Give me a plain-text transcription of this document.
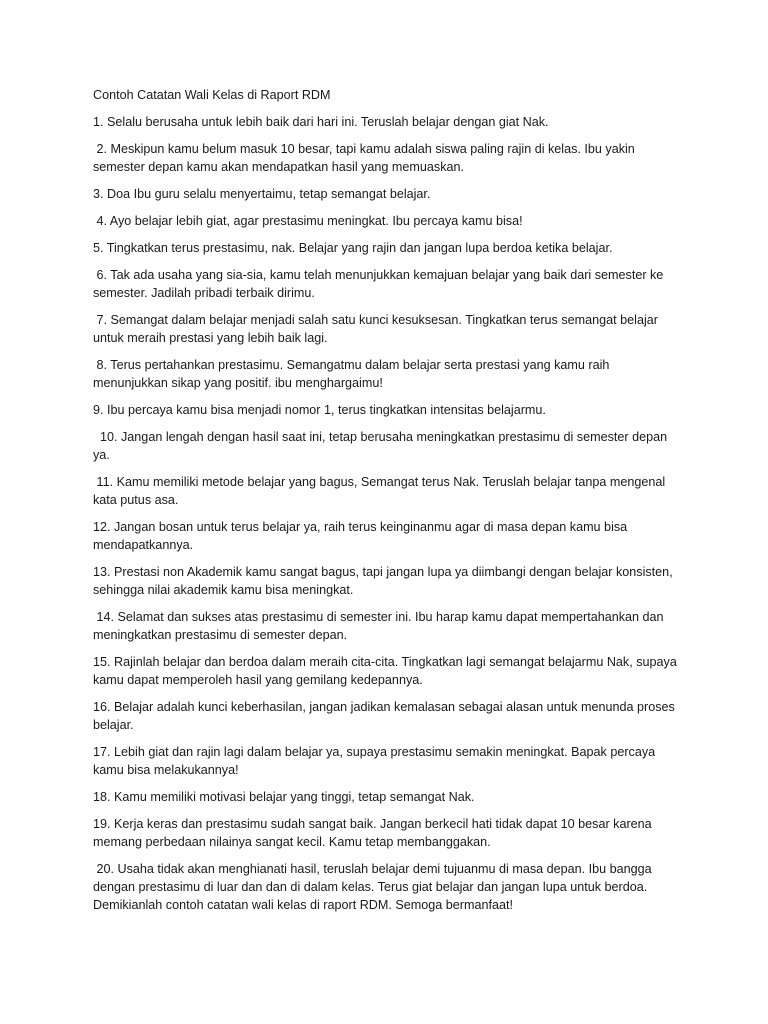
Contoh Catatan Wali Kelas di Raport RDM

1. Selalu berusaha untuk lebih baik dari hari ini. Teruslah belajar dengan giat Nak.

2. Meskipun kamu belum masuk 10 besar, tapi kamu adalah siswa paling rajin di kelas. Ibu yakin semester depan kamu akan mendapatkan hasil yang memuaskan.

3. Doa Ibu guru selalu menyertaimu, tetap semangat belajar.

4. Ayo belajar lebih giat, agar prestasimu meningkat. Ibu percaya kamu bisa!

5. Tingkatkan terus prestasimu, nak. Belajar yang rajin dan jangan lupa berdoa ketika belajar.

6. Tak ada usaha yang sia-sia, kamu telah menunjukkan kemajuan belajar yang baik dari semester ke semester. Jadilah pribadi terbaik dirimu.

7. Semangat dalam belajar menjadi salah satu kunci kesuksesan. Tingkatkan terus semangat belajar untuk meraih prestasi yang lebih baik lagi.

8. Terus pertahankan prestasimu. Semangatmu dalam belajar serta prestasi yang kamu raih menunjukkan sikap yang positif. ibu menghargaimu!

9. Ibu percaya kamu bisa menjadi nomor 1, terus tingkatkan intensitas belajarmu.

10. Jangan lengah dengan hasil saat ini, tetap berusaha meningkatkan prestasimu di semester depan ya.

11. Kamu memiliki metode belajar yang bagus, Semangat terus Nak. Teruslah belajar tanpa mengenal kata putus asa.

12. Jangan bosan untuk terus belajar ya, raih terus keinginanmu agar di masa depan kamu bisa mendapatkannya.

13. Prestasi non Akademik kamu sangat bagus, tapi jangan lupa ya diimbangi dengan belajar konsisten, sehingga nilai akademik kamu bisa meningkat.

14. Selamat dan sukses atas prestasimu di semester ini. Ibu harap kamu dapat mempertahankan dan meningkatkan prestasimu di semester depan.

15. Rajinlah belajar dan berdoa dalam meraih cita-cita. Tingkatkan lagi semangat belajarmu Nak, supaya kamu dapat memperoleh hasil yang gemilang kedepannya.

16. Belajar adalah kunci keberhasilan, jangan jadikan kemalasan sebagai alasan untuk menunda proses belajar.

17. Lebih giat dan rajin lagi dalam belajar ya, supaya prestasimu semakin meningkat. Bapak percaya kamu bisa melakukannya!

18. Kamu memiliki motivasi belajar yang tinggi, tetap semangat Nak.

19. Kerja keras dan prestasimu sudah sangat baik. Jangan berkecil hati tidak dapat 10 besar karena memang perbedaan nilainya sangat kecil. Kamu tetap membanggakan.

20. Usaha tidak akan menghianati hasil, teruslah belajar demi tujuanmu di masa depan. Ibu bangga dengan prestasimu di luar dan dan di dalam kelas. Terus giat belajar dan jangan lupa untuk berdoa. Demikianlah contoh catatan wali kelas di raport RDM. Semoga bermanfaat!
